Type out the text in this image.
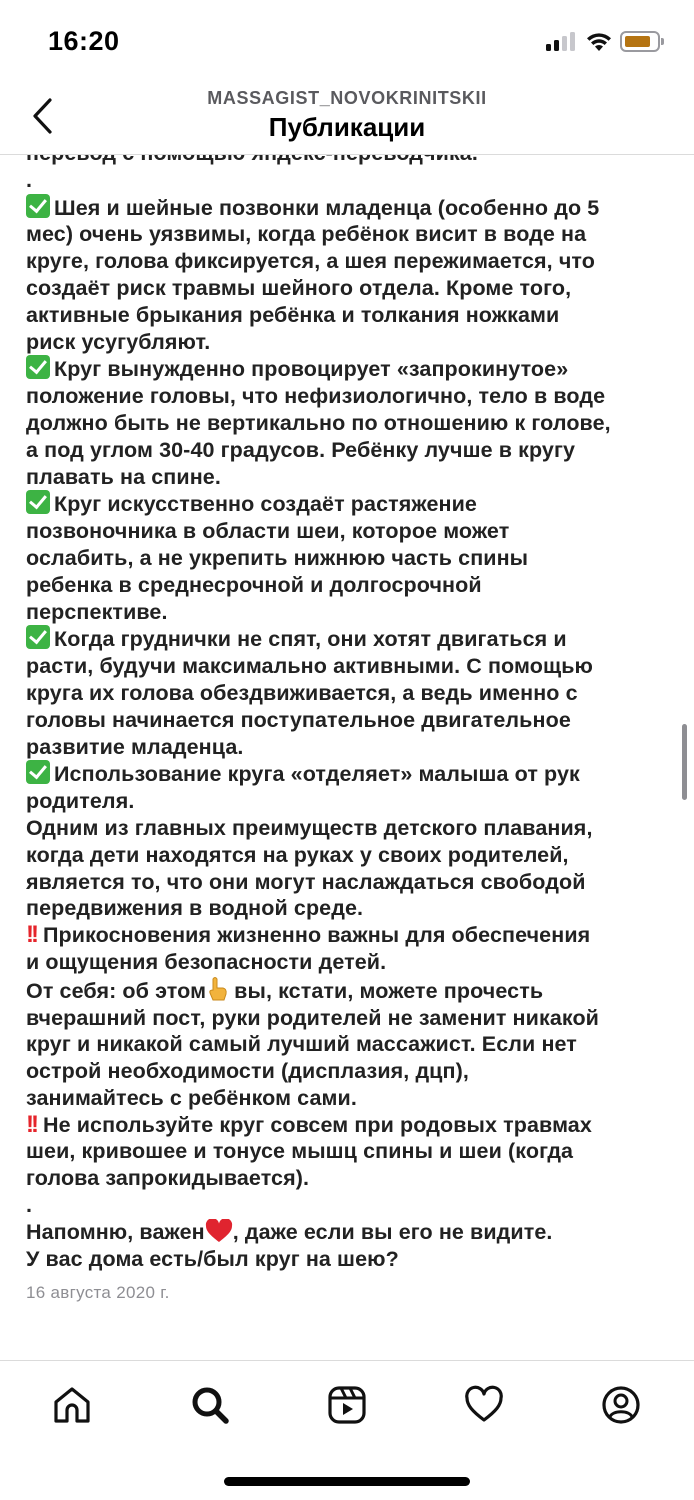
16:20
MASSAGIST_NOVOKRINITSKII
Публикации
.
Шея и шейные позвонки младенца (особенно до 5
мес) очень уязвимы, когда ребёнок висит в воде на
круге, голова фиксируется, а шея пережимается, что
создаёт риск травмы шейного отдела. Кроме того,
активные брыкания ребёнка и толкания ножками
риск усугубляют.
Круг вынужденно провоцирует «запрокинутое»
положение головы, что нефизиологично, тело в воде
должно быть не вертикально по отношению к голове,
а под углом 30-40 градусов. Ребёнку лучше в кругу
плавать на спине.
Круг искусственно создаёт растяжение
позвоночника в области шеи, которое может
ослабить, а не укрепить нижнюю часть спины
ребенка в среднесрочной и долгосрочной
перспективе.
Когда груднички не спят, они хотят двигаться и
расти, будучи максимально активными. С помощью
круга их голова обездвиживается, а ведь именно с
головы начинается поступательное двигательное
развитие младенца.
Использование круга «отделяет» малыша от рук
родителя.
Одним из главных преимуществ детского плавания,
когда дети находятся на руках у своих родителей,
является то, что они могут наслаждаться свободой
передвижения в водной среде.
!! Прикосновения жизненно важны для обеспечения
и ощущения безопасности детей.
От себя: об этом вы, кстати, можете прочесть
вчерашний пост, руки родителей не заменит никакой
круг и никакой самый лучший массажист. Если нет
острой необходимости (дисплазия, дцп),
занимайтесь с ребёнком сами.
!! Не используйте круг совсем при родовых травмах
шеи, кривошее и тонусе мышц спины и шеи (когда
голова запрокидывается).
.
Напомню, важен , даже если вы его не видите.
У вас дома есть/был круг на шею?
16 августа 2020 г.
